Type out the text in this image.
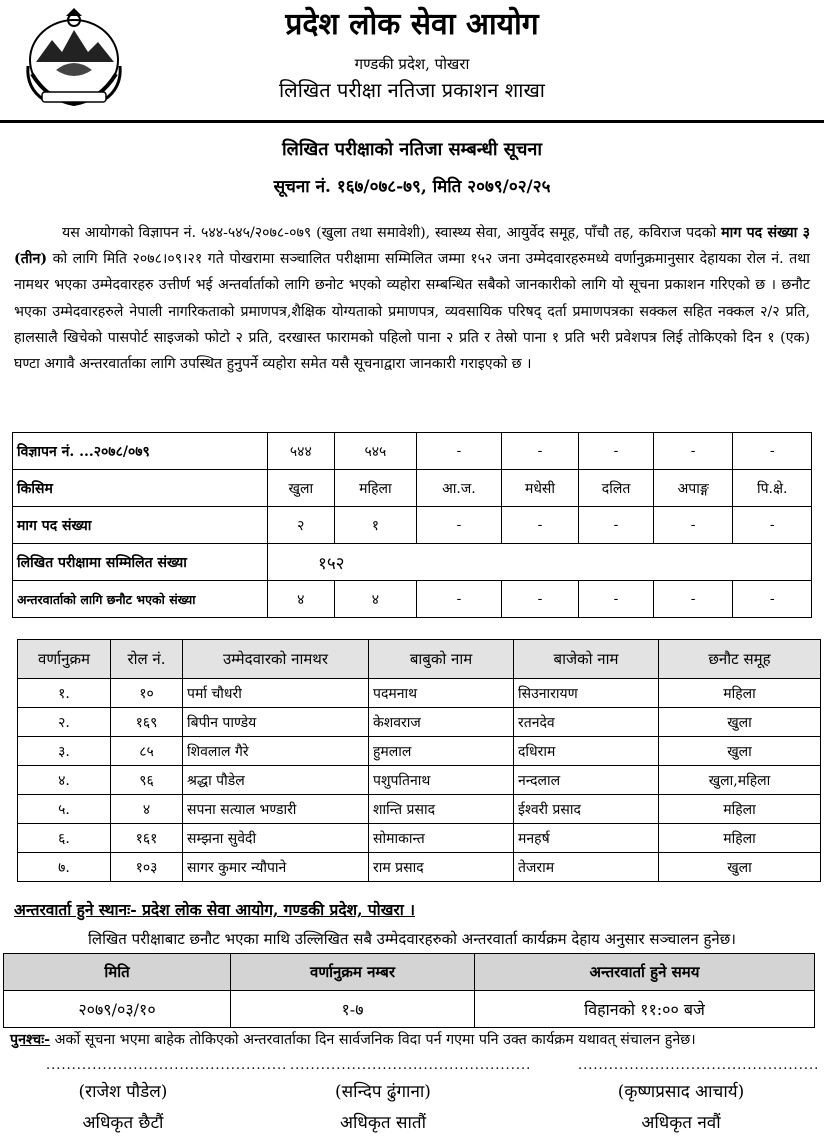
प्रदेश लोक सेवा आयोग
गण्डकी प्रदेश, पोखरा
लिखित परीक्षा नतिजा प्रकाशन शाखा
लिखित परीक्षाको नतिजा सम्बन्धी सूचना
सूचना नं. १६७/०७८-७९, मिति २०७९/०२/२५

यस आयोगको विज्ञापन नं. ५४४-५४५/२०७८-०७९ (खुला तथा समावेशी), स्वास्थ्य सेवा, आयुर्वेद समूह, पाँचौ तह, कविराज पदको माग पद संख्या ३ (तीन) को लागि मिति २०७८।०९।२१ गते पोखरामा सञ्चालित परीक्षामा सम्मिलित जम्मा १५२ जना उम्मेदवारहरुमध्ये वर्णानुक्रमानुसार देहायका रोल नं. तथा नामथर भएका उम्मेदवारहरु उत्तीर्ण भई अन्तर्वार्ताको लागि छनोट भएको व्यहोरा सम्बन्धित सबैको जानकारीको लागि यो सूचना प्रकाशन गरिएको छ । छनौट भएका उम्मेदवारहरुले नेपाली नागरिकताको प्रमाणपत्र,शैक्षिक योग्यताको प्रमाणपत्र, व्यवसायिक परिषद् दर्ता प्रमाणपत्रका सक्कल सहित नक्कल २/२ प्रति, हालसालै खिचेको पासपोर्ट साइजको फोटो २ प्रति, दरखास्त फारामको पहिलो पाना २ प्रति र तेस्रो पाना १ प्रति भरी प्रवेशपत्र लिई तोकिएको दिन १ (एक) घण्टा अगावै अन्तरवार्ताका लागि उपस्थित हुनुपर्ने व्यहोरा समेत यसै सूचनाद्वारा जानकारी गराइएको छ ।

विज्ञापन नं. ...२०७८/०७९	५४४	५४५	-	-	-	-	-
किसिम	खुला	महिला	आ.ज.	मधेसी	दलित	अपाङ्ग	पि.क्षे.
माग पद संख्या	२	१	-	-	-	-	-
लिखित परीक्षामा सम्मिलित संख्या	१५२						
अन्तरवार्ताको लागि छनौट भएको संख्या	४	४	-	-	-	-	-
वर्णानुक्रम	रोल नं.	उम्मेदवारको नामथर	बाबुको नाम	बाजेको नाम	छनौट समूह
१.	१०	पर्मा चौधरी	पदमनाथ	सिउनारायण	महिला
२.	१६९	बिपीन पाण्डेय	केशवराज	रतनदेव	खुला
३.	८५	शिवलाल गैरे	हुमलाल	दधिराम	खुला
४.	९६	श्रद्धा पौडेल	पशुपतिनाथ	नन्दलाल	खुला,महिला
५.	४	सपना सत्याल भण्डारी	शान्ति प्रसाद	ईश्वरी प्रसाद	महिला
६.	१६१	सम्झना सुवेदी	सोमाकान्त	मनहर्ष	महिला
७.	१०३	सागर कुमार न्यौपाने	राम प्रसाद	तेजराम	खुला
अन्तरवार्ता हुने स्थानः- प्रदेश लोक सेवा आयोग, गण्डकी प्रदेश, पोखरा ।
लिखित परीक्षाबाट छनौट भएका माथि उल्लिखित सबै उम्मेदवारहरुको अन्तरवार्ता कार्यक्रम देहाय अनुसार सञ्चालन हुनेछ।
मिति	वर्णानुक्रम नम्बर	अन्तरवार्ता हुने समय
२०७९/०३/१०	१-७	विहानको ११:०० बजे
पुनश्चः- अर्को सूचना भएमा बाहेक तोकिएको अन्तरवार्ताका दिन सार्वजनिक विदा पर्न गएमा पनि उक्त कार्यक्रम यथावत् संचालन हुनेछ।
............................................... ...............................................	...............................................
(राजेश पौडेल)	(सन्दिप ढुंगाना)	(कृष्णप्रसाद आचार्य)
अधिकृत छैटौं	अधिकृत सातौं	अधिकृत नवौं
